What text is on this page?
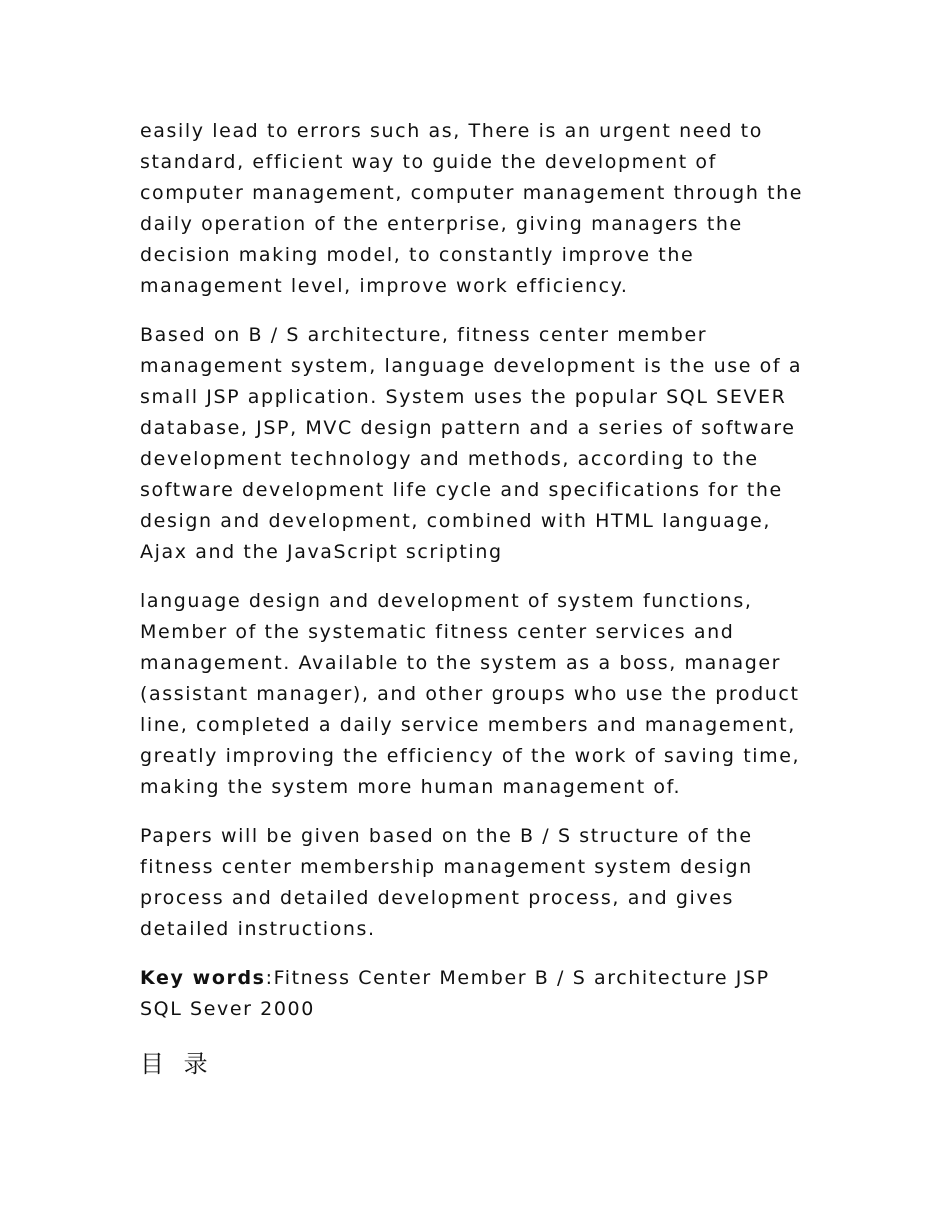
easily lead to errors such as, There is an urgent need to
standard, efficient way to guide the development of
computer management, computer management through the
daily operation of the enterprise, giving managers the
decision making model, to constantly improve the
management level, improve work efficiency.
Based on B / S architecture, fitness center member
management system, language development is the use of a
small JSP application. System uses the popular SQL SEVER
database, JSP, MVC design pattern and a series of software
development technology and methods, according to the
software development life cycle and specifications for the
design and development, combined with HTML language,
Ajax and the JavaScript scripting
language design and development of system functions,
Member of the systematic fitness center services and
management. Available to the system as a boss, manager
(assistant manager), and other groups who use the product
line, completed a daily service members and management,
greatly improving the efficiency of the work of saving time,
making the system more human management of.
Papers will be given based on the B / S structure of the
fitness center membership management system design
process and detailed development process, and gives
detailed instructions.
Key words:Fitness Center Member B / S architecture JSP
SQL Sever 2000
目 录
